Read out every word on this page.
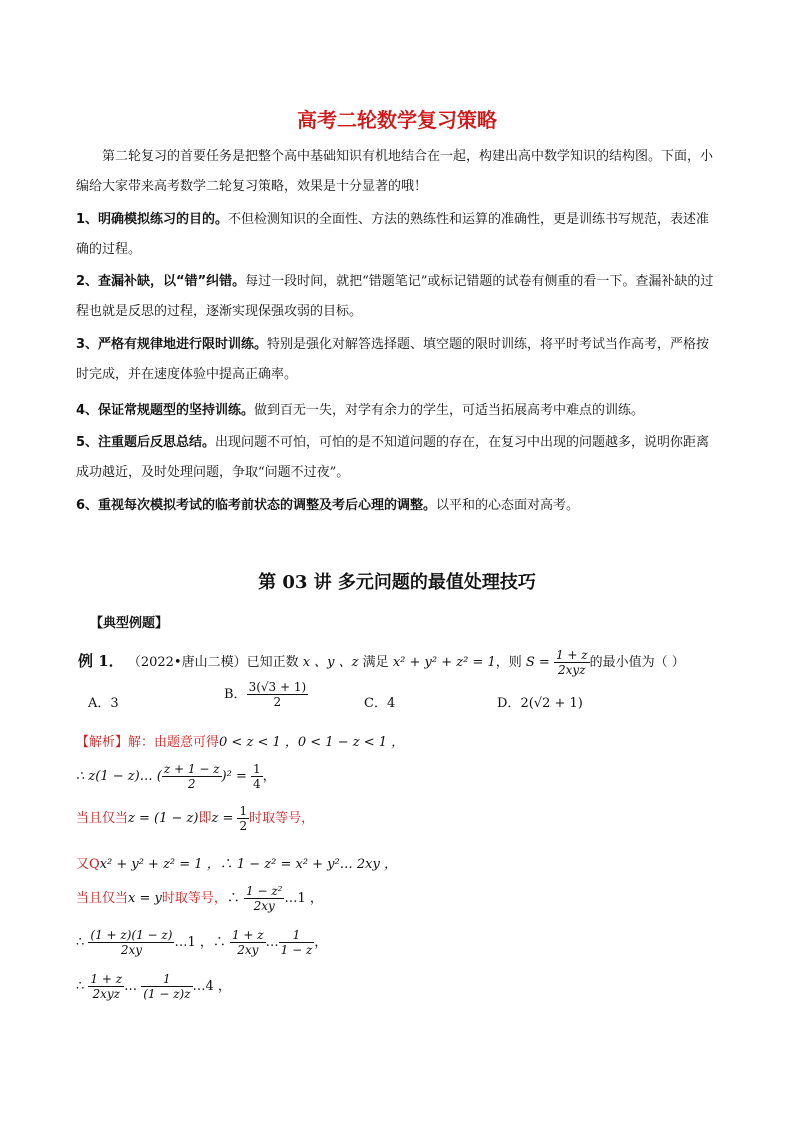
高考二轮数学复习策略
第二轮复习的首要任务是把整个高中基础知识有机地结合在一起，构建出高中数学知识的结构图。下面，小编给大家带来高考数学二轮复习策略，效果是十分显著的哦！
1、明确模拟练习的目的。不但检测知识的全面性、方法的熟练性和运算的准确性，更是训练书写规范，表述准确的过程。
2、查漏补缺，以“错”纠错。每过一段时间，就把“错题笔记”或标记错题的试卷有侧重的看一下。查漏补缺的过程也就是反思的过程，逐渐实现保强攻弱的目标。
3、严格有规律地进行限时训练。特别是强化对解答选择题、填空题的限时训练，将平时考试当作高考，严格按时完成，并在速度体验中提高正确率。
4、保证常规题型的坚持训练。做到百无一失，对学有余力的学生，可适当拓展高考中难点的训练。
5、注重题后反思总结。出现问题不可怕，可怕的是不知道问题的存在，在复习中出现的问题越多，说明你距离成功越近，及时处理问题，争取“问题不过夜”。
6、重视每次模拟考试的临考前状态的调整及考后心理的调整。以平和的心态面对高考。
第 03 讲 多元问题的最值处理技巧
【典型例题】
例 1． （2022•唐山二模）已知正数 x 、y 、z 满足 x² + y² + z² = 1，则 $S = \frac{1 + z}{\text{2xyz}}$ 的最小值为（ ）
A．3
B． $\frac{3(√3 + 1)}{2}$	C．4	D．2(√2 + 1)
【解析】解：由题意可得0 < z < 1 ，0 < 1 − z < 1 ，
∴ z(1 − z)… ( $\frac{z + 1 - z}{2} )^2 = \frac{1}{4}$ ，
当且仅当z = (1 − z)即$z = \frac{1}{2}$ 时取等号，
又Qx² + y² + z² = 1 ，∴ 1 − z² = x² + y²… 2xy ，
当且仅当x = y时取等号，∴ $\frac{\text{1 − z²}}{2xy}$ …1 ，
∴ $\frac{(1 + z)(1 - z)}{2xy}$ …1 ，∴ $\frac{1 + z}{2xy}$ … $\frac{1}{1 - z}$ ，
∴ $\frac{1 + z}{\text{2xyz}}$ … $\frac{1}{(1 - z)z}$ …4 ，
